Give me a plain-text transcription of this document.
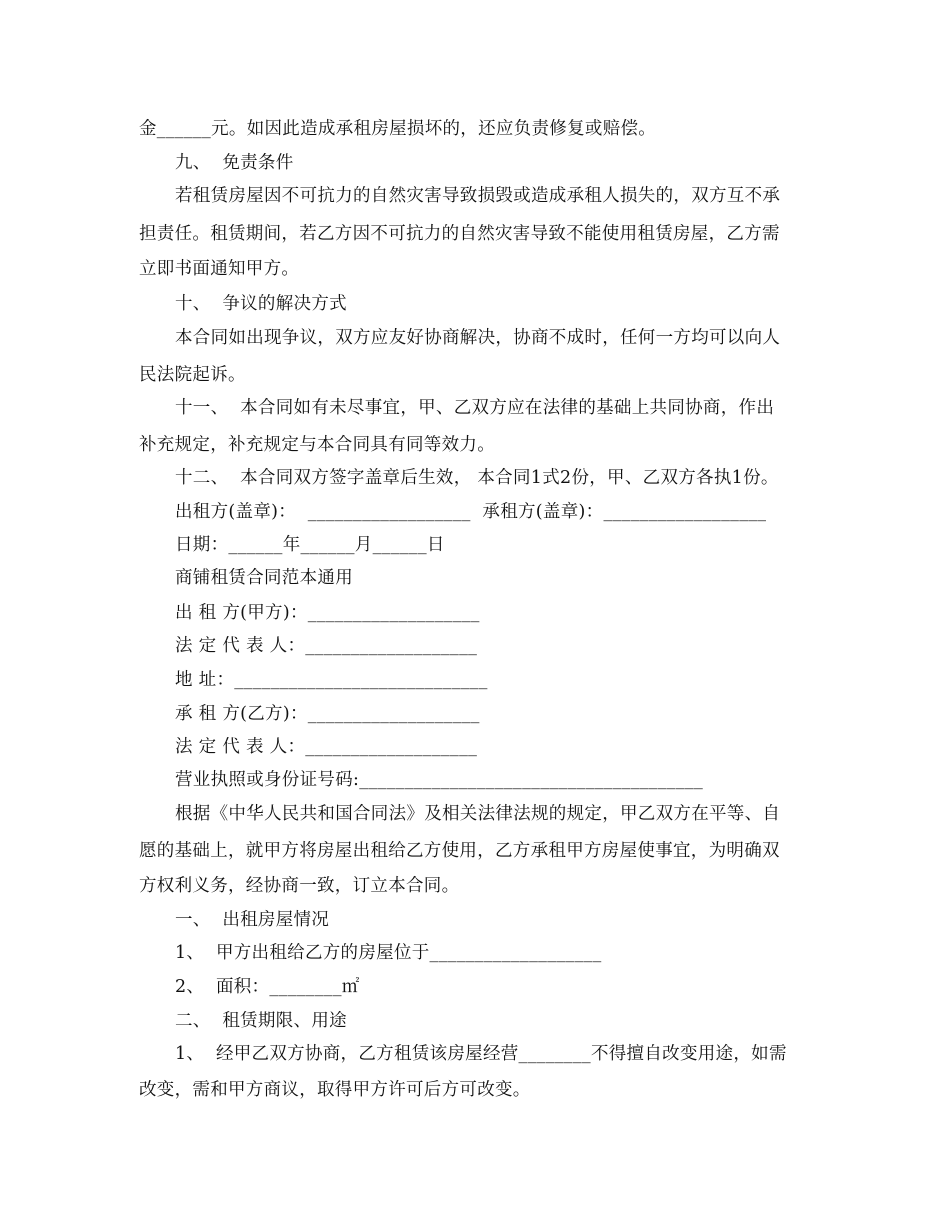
金______元。如因此造成承租房屋损坏的，还应负责修复或赔偿。
九、  免责条件
若租赁房屋因不可抗力的自然灾害导致损毁或造成承租人损失的，双方互不承
担责任。租赁期间，若乙方因不可抗力的自然灾害导致不能使用租赁房屋，乙方需
立即书面通知甲方。
十、  争议的解决方式
本合同如出现争议，双方应友好协商解决，协商不成时，任何一方均可以向人
民法院起诉。
十一、  本合同如有未尽事宜，甲、乙双方应在法律的基础上共同协商，作出
补充规定，补充规定与本合同具有同等效力。
十二、  本合同双方签字盖章后生效， 本合同1式2份，甲、乙双方各执1份。
出租方(盖章)：  __________________  承租方(盖章)：__________________
日期：______年______月______日
商铺租赁合同范本通用
出 租 方(甲方)：___________________
法 定 代 表 人：___________________
地 址：____________________________
承 租 方(乙方)：___________________
法 定 代 表 人：___________________
营业执照或身份证号码:______________________________________
根据《中华人民共和国合同法》及相关法律法规的规定，甲乙双方在平等、自
愿的基础上，就甲方将房屋出租给乙方使用，乙方承租甲方房屋使事宜，为明确双
方权利义务，经协商一致，订立本合同。
一、  出租房屋情况
1、  甲方出租给乙方的房屋位于___________________
2、  面积：________㎡
二、  租赁期限、用途
1、  经甲乙双方协商，乙方租赁该房屋经营________不得擅自改变用途，如需
改变，需和甲方商议，取得甲方许可后方可改变。
